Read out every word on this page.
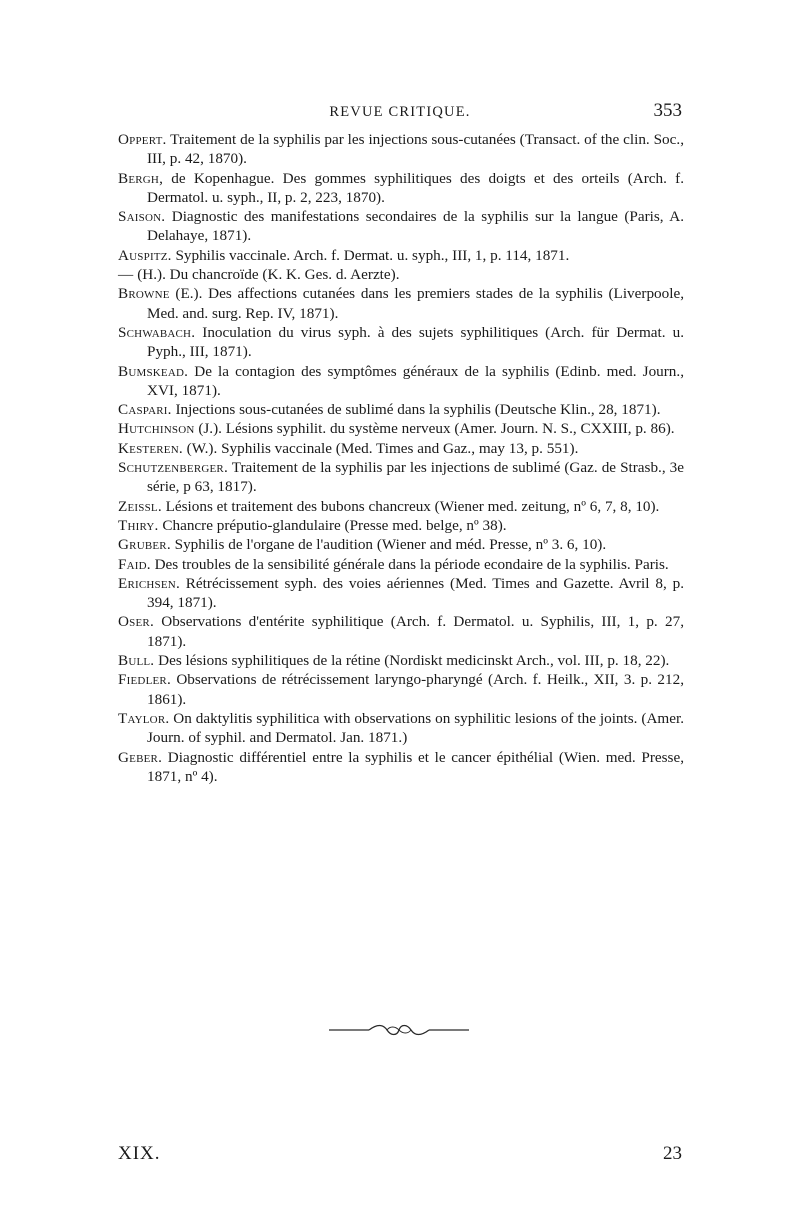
REVUE CRITIQUE.	353

Oppert. Traitement de la syphilis par les injections sous-cutanées (Transact. of the clin. Soc., III, p. 42, 1870).

Bergh, de Kopenhague. Des gommes syphilitiques des doigts et des orteils (Arch. f. Dermatol. u. syph., II, p. 2, 223, 1870).

Saison. Diagnostic des manifestations secondaires de la syphilis sur la langue (Paris, A. Delahaye, 1871).

Auspitz. Syphilis vaccinale. Arch. f. Dermat. u. syph., III, 1, p. 114, 1871.

— (H.). Du chancroïde (K. K. Ges. d. Aerzte).

Browne (E.). Des affections cutanées dans les premiers stades de la syphilis (Liverpoole, Med. and. surg. Rep. IV, 1871).

Schwabach. Inoculation du virus syph. à des sujets syphilitiques (Arch. für Dermat. u. Pyph., III, 1871).

Bumskead. De la contagion des symptômes généraux de la syphilis (Edinb. med. Journ., XVI, 1871).

Caspari. Injections sous-cutanées de sublimé dans la syphilis (Deutsche Klin., 28, 1871).

Hutchinson (J.). Lésions syphilit. du système nerveux (Amer. Journ. N. S., CXXIII, p. 86).

Kesteren. (W.). Syphilis vaccinale (Med. Times and Gaz., may 13, p. 551).

Schutzenberger. Traitement de la syphilis par les injections de sublimé (Gaz. de Strasb., 3e série, p 63, 1817).

Zeissl. Lésions et traitement des bubons chancreux (Wiener med. zeitung, nº 6, 7, 8, 10).

Thiry. Chancre préputio-glandulaire (Presse med. belge, nº 38).

Gruber. Syphilis de l'organe de l'audition (Wiener and méd. Presse, nº 3. 6, 10).

Faid. Des troubles de la sensibilité générale dans la période econdaire de la syphilis. Paris.

Erichsen. Rétrécissement syph. des voies aériennes (Med. Times and Gazette. Avril 8, p. 394, 1871).

Oser. Observations d'entérite syphilitique (Arch. f. Dermatol. u. Syphilis, III, 1, p. 27, 1871).

Bull. Des lésions syphilitiques de la rétine (Nordiskt medicinskt Arch., vol. III, p. 18, 22).

Fiedler. Observations de rétrécissement laryngo-pharyngé (Arch. f. Heilk., XII, 3. p. 212, 1861).

Taylor. On daktylitis syphilitica with observations on syphilitic lesions of the joints. (Amer. Journ. of syphil. and Dermatol. Jan. 1871.)

Geber. Diagnostic différentiel entre la syphilis et le cancer épithélial (Wien. med. Presse, 1871, nº 4).

XIX.	23
